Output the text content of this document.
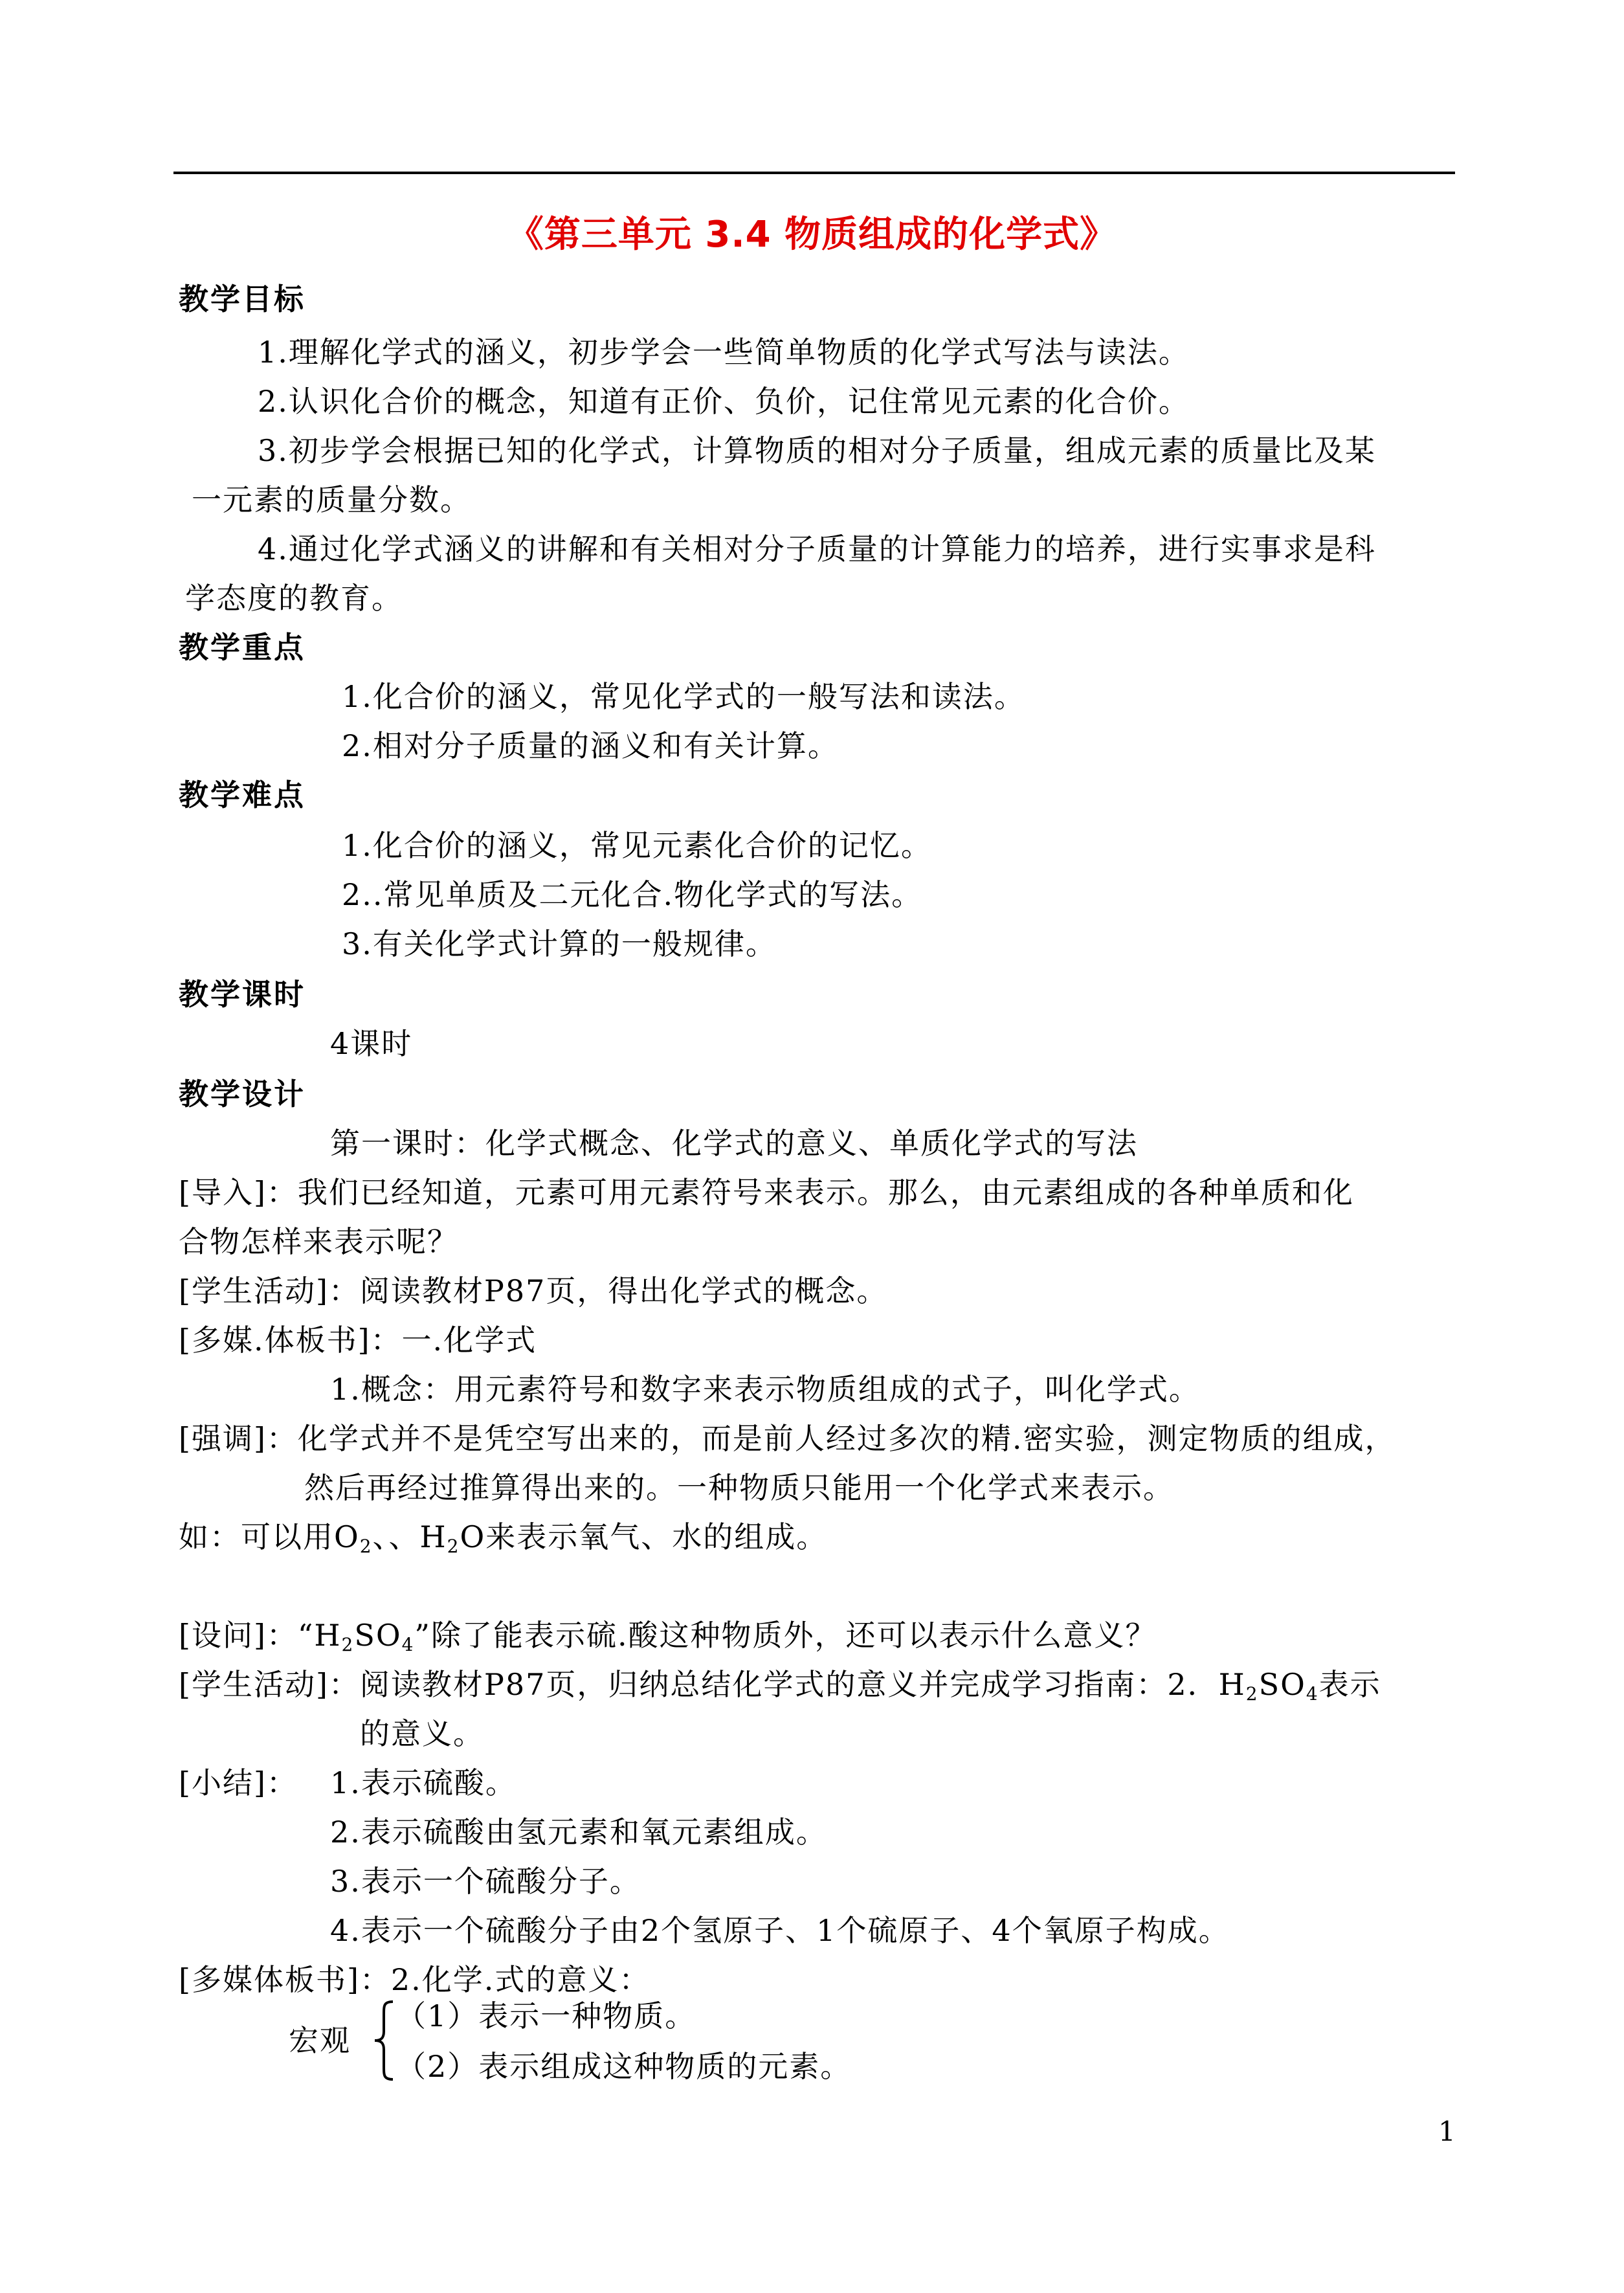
《第三单元 3.4 物质组成的化学式》
教学目标
1.理解化学式的涵义，初步学会一些简单物质的化学式写法与读法。
2.认识化合价的概念，知道有正价、负价，记住常见元素的化合价。
3.初步学会根据已知的化学式，计算物质的相对分子质量，组成元素的质量比及某
一元素的质量分数。
4.通过化学式涵义的讲解和有关相对分子质量的计算能力的培养，进行实事求是科
学态度的教育。
教学重点
1.化合价的涵义，常见化学式的一般写法和读法。
2.相对分子质量的涵义和有关计算。
教学难点
1.化合价的涵义，常见元素化合价的记忆。
2..常见单质及二元化合.物化学式的写法。
3.有关化学式计算的一般规律。
教学课时
4课时
教学设计
第一课时：化学式概念、化学式的意义、单质化学式的写法
[导入]：我们已经知道，元素可用元素符号来表示。那么，由元素组成的各种单质和化
合物怎样来表示呢？
[学生活动]：阅读教材P87页，得出化学式的概念。
[多媒.体板书]：一.化学式
1.概念：用元素符号和数字来表示物质组成的式子，叫化学式。
[强调]：化学式并不是凭空写出来的，而是前人经过多次的精.密实验，测定物质的组成，
然后再经过推算得出来的。一种物质只能用一个化学式来表示。
如：可以用$O_2$、、$H_2O$来表示氧气、水的组成。
[设问]：“$H_2SO_4$”除了能表示硫.酸这种物质外，还可以表示什么意义？
[学生活动]：阅读教材P87页，归纳总结化学式的意义并完成学习指南：2．$H_2SO_4$表示
的意义。
[小结]： 1.表示硫酸。
2.表示硫酸由氢元素和氧元素组成。
3.表示一个硫酸分子。
4.表示一个硫酸分子由2个氢原子、1个硫原子、4个氧原子构成。
[多媒体板书]：2.化学.式的意义：
宏观
（1）表示一种物质。
（2）表示组成这种物质的元素。
1
